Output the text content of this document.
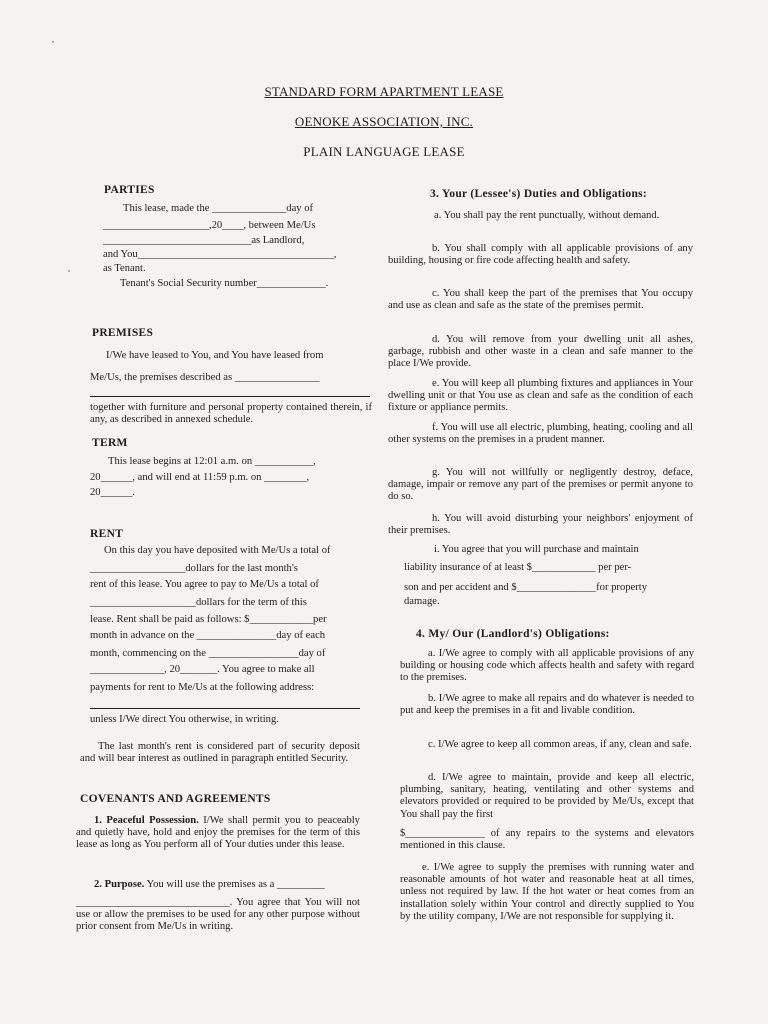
STANDARD FORM APARTMENT LEASE
OENOKE ASSOCIATION, INC.
PLAIN LANGUAGE LEASE
PARTIES

This lease, made the ______________day of

____________________,20____, between Me/Us

____________________________as Landlord,

and You_____________________________________,

as Tenant.

Tenant's Social Security number_____________.

PREMISES

I/We have leased to You, and You have leased from

Me/Us, the premises described as ________________

together with furniture and personal property contained therein, if any, as described in annexed schedule.

TERM

This lease begins at 12:01 a.m. on ___________,

20______, and will end at 11:59 p.m. on ________,

20______.

RENT

On this day you have deposited with Me/Us a total of

__________________dollars for the last month's

rent of this lease. You agree to pay to Me/Us a total of

____________________dollars for the term of this

lease. Rent shall be paid as follows: $____________per

month in advance on the _______________day of each

month, commencing on the _________________day of

______________, 20_______. You agree to make all

payments for rent to Me/Us at the following address:

unless I/We direct You otherwise, in writing.

The last month's rent is considered part of security deposit and will bear interest as outlined in paragraph entitled Security.

COVENANTS AND AGREEMENTS

1. Peaceful Possession. I/We shall permit you to peaceably and quietly have, hold and enjoy the premises for the term of this lease as long as You perform all of Your duties under this lease.

2. Purpose. You will use the premises as a _________

_____________________________. You agree that You will not use or allow the premises to be used for any other purpose without prior consent from Me/Us in writing.

3. Your (Lessee's) Duties and Obligations:

a. You shall pay the rent punctually, without demand.

b. You shall comply with all applicable provisions of any building, housing or fire code affecting health and safety.

c. You shall keep the part of the premises that You occupy and use as clean and safe as the state of the premises permit.

d. You will remove from your dwelling unit all ashes, garbage, rubbish and other waste in a clean and safe manner to the place I/We provide.

e. You will keep all plumbing fixtures and appliances in Your dwelling unit or that You use as clean and safe as the condition of each fixture or appliance permits.

f. You will use all electric, plumbing, heating, cooling and all other systems on the premises in a prudent manner.

g. You will not willfully or negligently destroy, deface, damage, impair or remove any part of the premises or permit anyone to do so.

h. You will avoid disturbing your neighbors' enjoyment of their premises.

i. You agree that you will purchase and maintain

liability insurance of at least $____________ per per-

son and per accident and $_______________for property

damage.

4. My/ Our (Landlord's) Obligations:

a. I/We agree to comply with all applicable provisions of any building or housing code which affects health and safety with regard to the premises.

b. I/We agree to make all repairs and do whatever is needed to put and keep the premises in a fit and livable condition.

c. I/We agree to keep all common areas, if any, clean and safe.

d. I/We agree to maintain, provide and keep all electric, plumbing, sanitary, heating, ventilating and other systems and elevators provided or required to be provided by Me/Us, except that You shall pay the first

$_______________ of any repairs to the systems and elevators mentioned in this clause.

e. I/We agree to supply the premises with running water and reasonable amounts of hot water and reasonable heat at all times, unless not required by law. If the hot water or heat comes from an installation solely within Your control and directly supplied to You by the utility company, I/We are not responsible for supplying it.
